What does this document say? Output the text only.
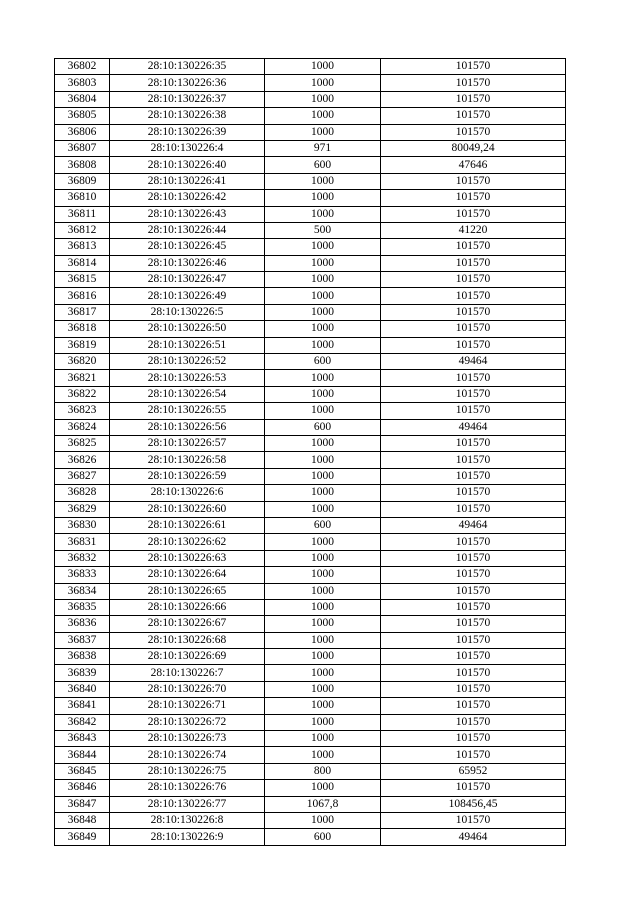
36802	28:10:130226:35	1000	101570
36803	28:10:130226:36	1000	101570
36804	28:10:130226:37	1000	101570
36805	28:10:130226:38	1000	101570
36806	28:10:130226:39	1000	101570
36807	28:10:130226:4	971	80049,24
36808	28:10:130226:40	600	47646
36809	28:10:130226:41	1000	101570
36810	28:10:130226:42	1000	101570
36811	28:10:130226:43	1000	101570
36812	28:10:130226:44	500	41220
36813	28:10:130226:45	1000	101570
36814	28:10:130226:46	1000	101570
36815	28:10:130226:47	1000	101570
36816	28:10:130226:49	1000	101570
36817	28:10:130226:5	1000	101570
36818	28:10:130226:50	1000	101570
36819	28:10:130226:51	1000	101570
36820	28:10:130226:52	600	49464
36821	28:10:130226:53	1000	101570
36822	28:10:130226:54	1000	101570
36823	28:10:130226:55	1000	101570
36824	28:10:130226:56	600	49464
36825	28:10:130226:57	1000	101570
36826	28:10:130226:58	1000	101570
36827	28:10:130226:59	1000	101570
36828	28:10:130226:6	1000	101570
36829	28:10:130226:60	1000	101570
36830	28:10:130226:61	600	49464
36831	28:10:130226:62	1000	101570
36832	28:10:130226:63	1000	101570
36833	28:10:130226:64	1000	101570
36834	28:10:130226:65	1000	101570
36835	28:10:130226:66	1000	101570
36836	28:10:130226:67	1000	101570
36837	28:10:130226:68	1000	101570
36838	28:10:130226:69	1000	101570
36839	28:10:130226:7	1000	101570
36840	28:10:130226:70	1000	101570
36841	28:10:130226:71	1000	101570
36842	28:10:130226:72	1000	101570
36843	28:10:130226:73	1000	101570
36844	28:10:130226:74	1000	101570
36845	28:10:130226:75	800	65952
36846	28:10:130226:76	1000	101570
36847	28:10:130226:77	1067,8	108456,45
36848	28:10:130226:8	1000	101570
36849	28:10:130226:9	600	49464
